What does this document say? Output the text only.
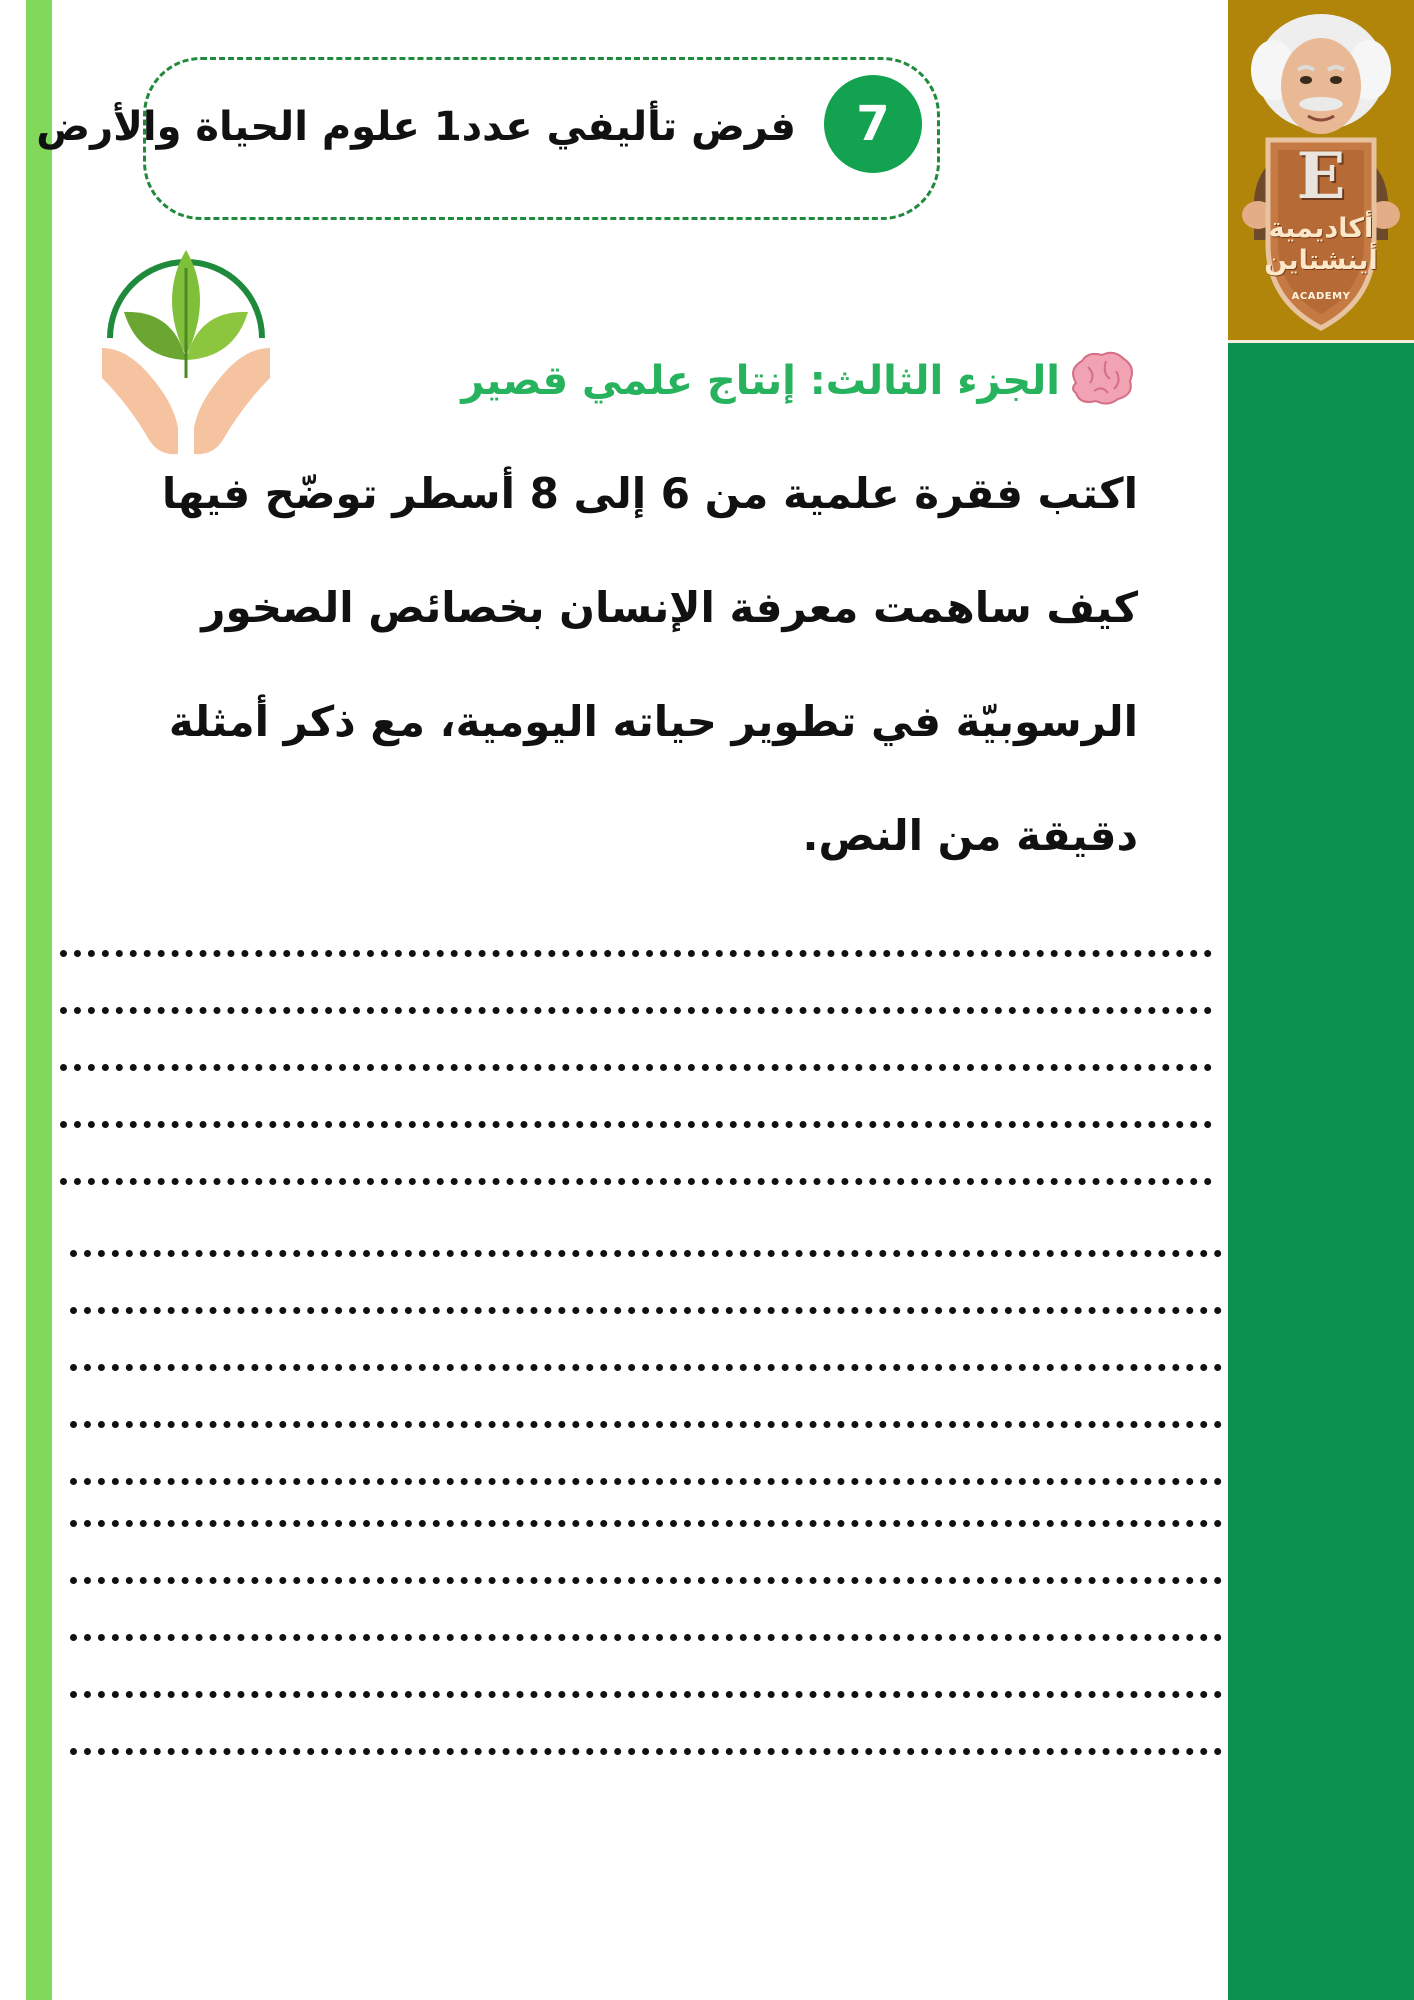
E
أكاديمية
أينشتاين
ACADEMY
فرض تأليفي عدد1 علوم الحياة والأرض	7
الجزء الثالث: إنتاج علمي قصير
اكتب فقرة علمية من 6 إلى 8 أسطر توضّح فيها
كيف ساهمت معرفة الإنسان بخصائص الصخور
الرسوبيّة في تطوير حياته اليومية، مع ذكر أمثلة
دقيقة من النص.
